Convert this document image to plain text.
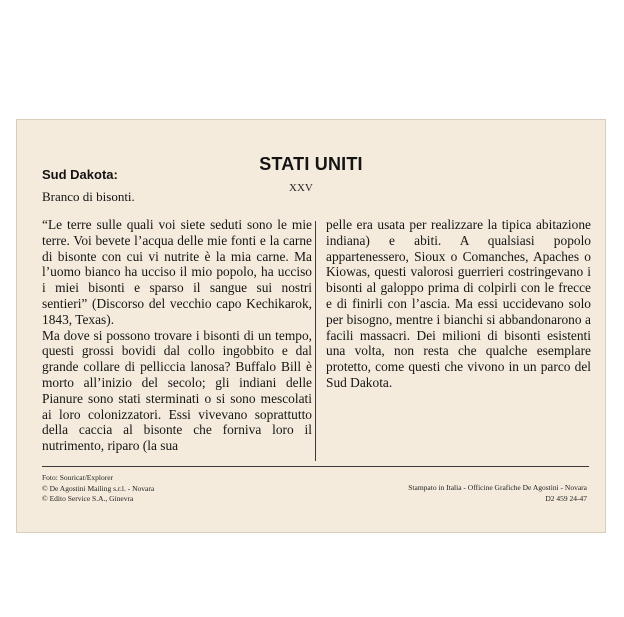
STATI UNITI
XXV
Sud Dakota:
Branco di bisonti.

“Le terre sulle quali voi siete seduti sono le mie terre. Voi bevete l’acqua delle mie fonti e la carne di bisonte con cui vi nutrite è la mia carne. Ma l’uomo bianco ha ucciso il mio popolo, ha ucciso i miei bisonti e sparso il sangue sui nostri sentieri” (Discorso del vecchio capo Kechikarok, 1843, Texas).

Ma dove si possono trovare i bisonti di un tempo, questi grossi bovidi dal collo ingobbito e dal grande collare di pelliccia lanosa? Buffalo Bill è morto all’inizio del secolo; gli indiani delle Pianure sono stati sterminati o si sono mescolati ai loro colonizzatori. Essi vivevano soprattutto della caccia al bisonte che forniva loro il nutrimento, riparo (la sua

pelle era usata per realizzare la tipica abitazione indiana) e abiti. A qualsiasi popolo appartenessero, Sioux o Comanches, Apaches o Kiowas, questi valorosi guerrieri costringevano i bisonti al galoppo prima di colpirli con le frecce e di finirli con l’ascia. Ma essi uccidevano solo per bisogno, mentre i bianchi si abbandonarono a facili massacri. Dei milioni di bisonti esistenti una volta, non resta che qualche esemplare protetto, come questi che vivono in un parco del Sud Dakota.

Foto: Souricat/Explorer
© De Agostini Mailing s.r.l. - Novara
© Edito Service S.A., Ginevra
Stampato in Italia - Officine Grafiche De Agostini - Novara
D2 459 24-47
